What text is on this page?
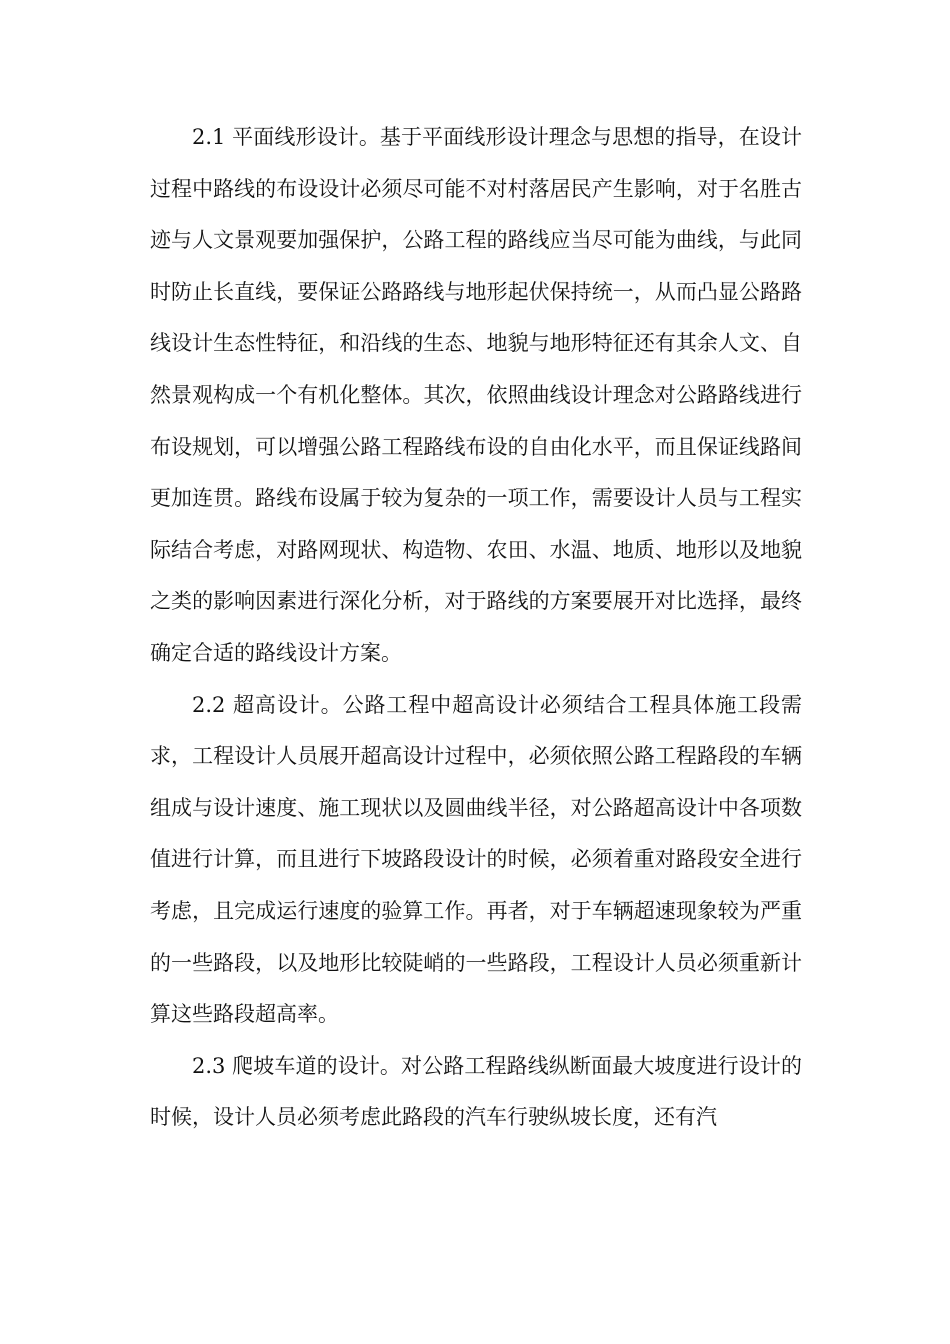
2.1 平面线形设计。基于平面线形设计理念与思想的指导，在设计过程中路线的布设设计必须尽可能不对村落居民产生影响，对于名胜古迹与人文景观要加强保护，公路工程的路线应当尽可能为曲线，与此同时防止长直线，要保证公路路线与地形起伏保持统一，从而凸显公路路线设计生态性特征，和沿线的生态、地貌与地形特征还有其余人文、自然景观构成一个有机化整体。其次，依照曲线设计理念对公路路线进行布设规划，可以增强公路工程路线布设的自由化水平，而且保证线路间更加连贯。路线布设属于较为复杂的一项工作，需要设计人员与工程实际结合考虑，对路网现状、构造物、农田、水温、地质、地形以及地貌之类的影响因素进行深化分析，对于路线的方案要展开对比选择，最终确定合适的路线设计方案。

2.2 超高设计。公路工程中超高设计必须结合工程具体施工段需求，工程设计人员展开超高设计过程中，必须依照公路工程路段的车辆组成与设计速度、施工现状以及圆曲线半径，对公路超高设计中各项数值进行计算，而且进行下坡路段设计的时候，必须着重对路段安全进行考虑，且完成运行速度的验算工作。再者，对于车辆超速现象较为严重的一些路段，以及地形比较陡峭的一些路段，工程设计人员必须重新计算这些路段超高率。

2.3 爬坡车道的设计。对公路工程路线纵断面最大坡度进行设计的时候，设计人员必须考虑此路段的汽车行驶纵坡长度，还有汽
